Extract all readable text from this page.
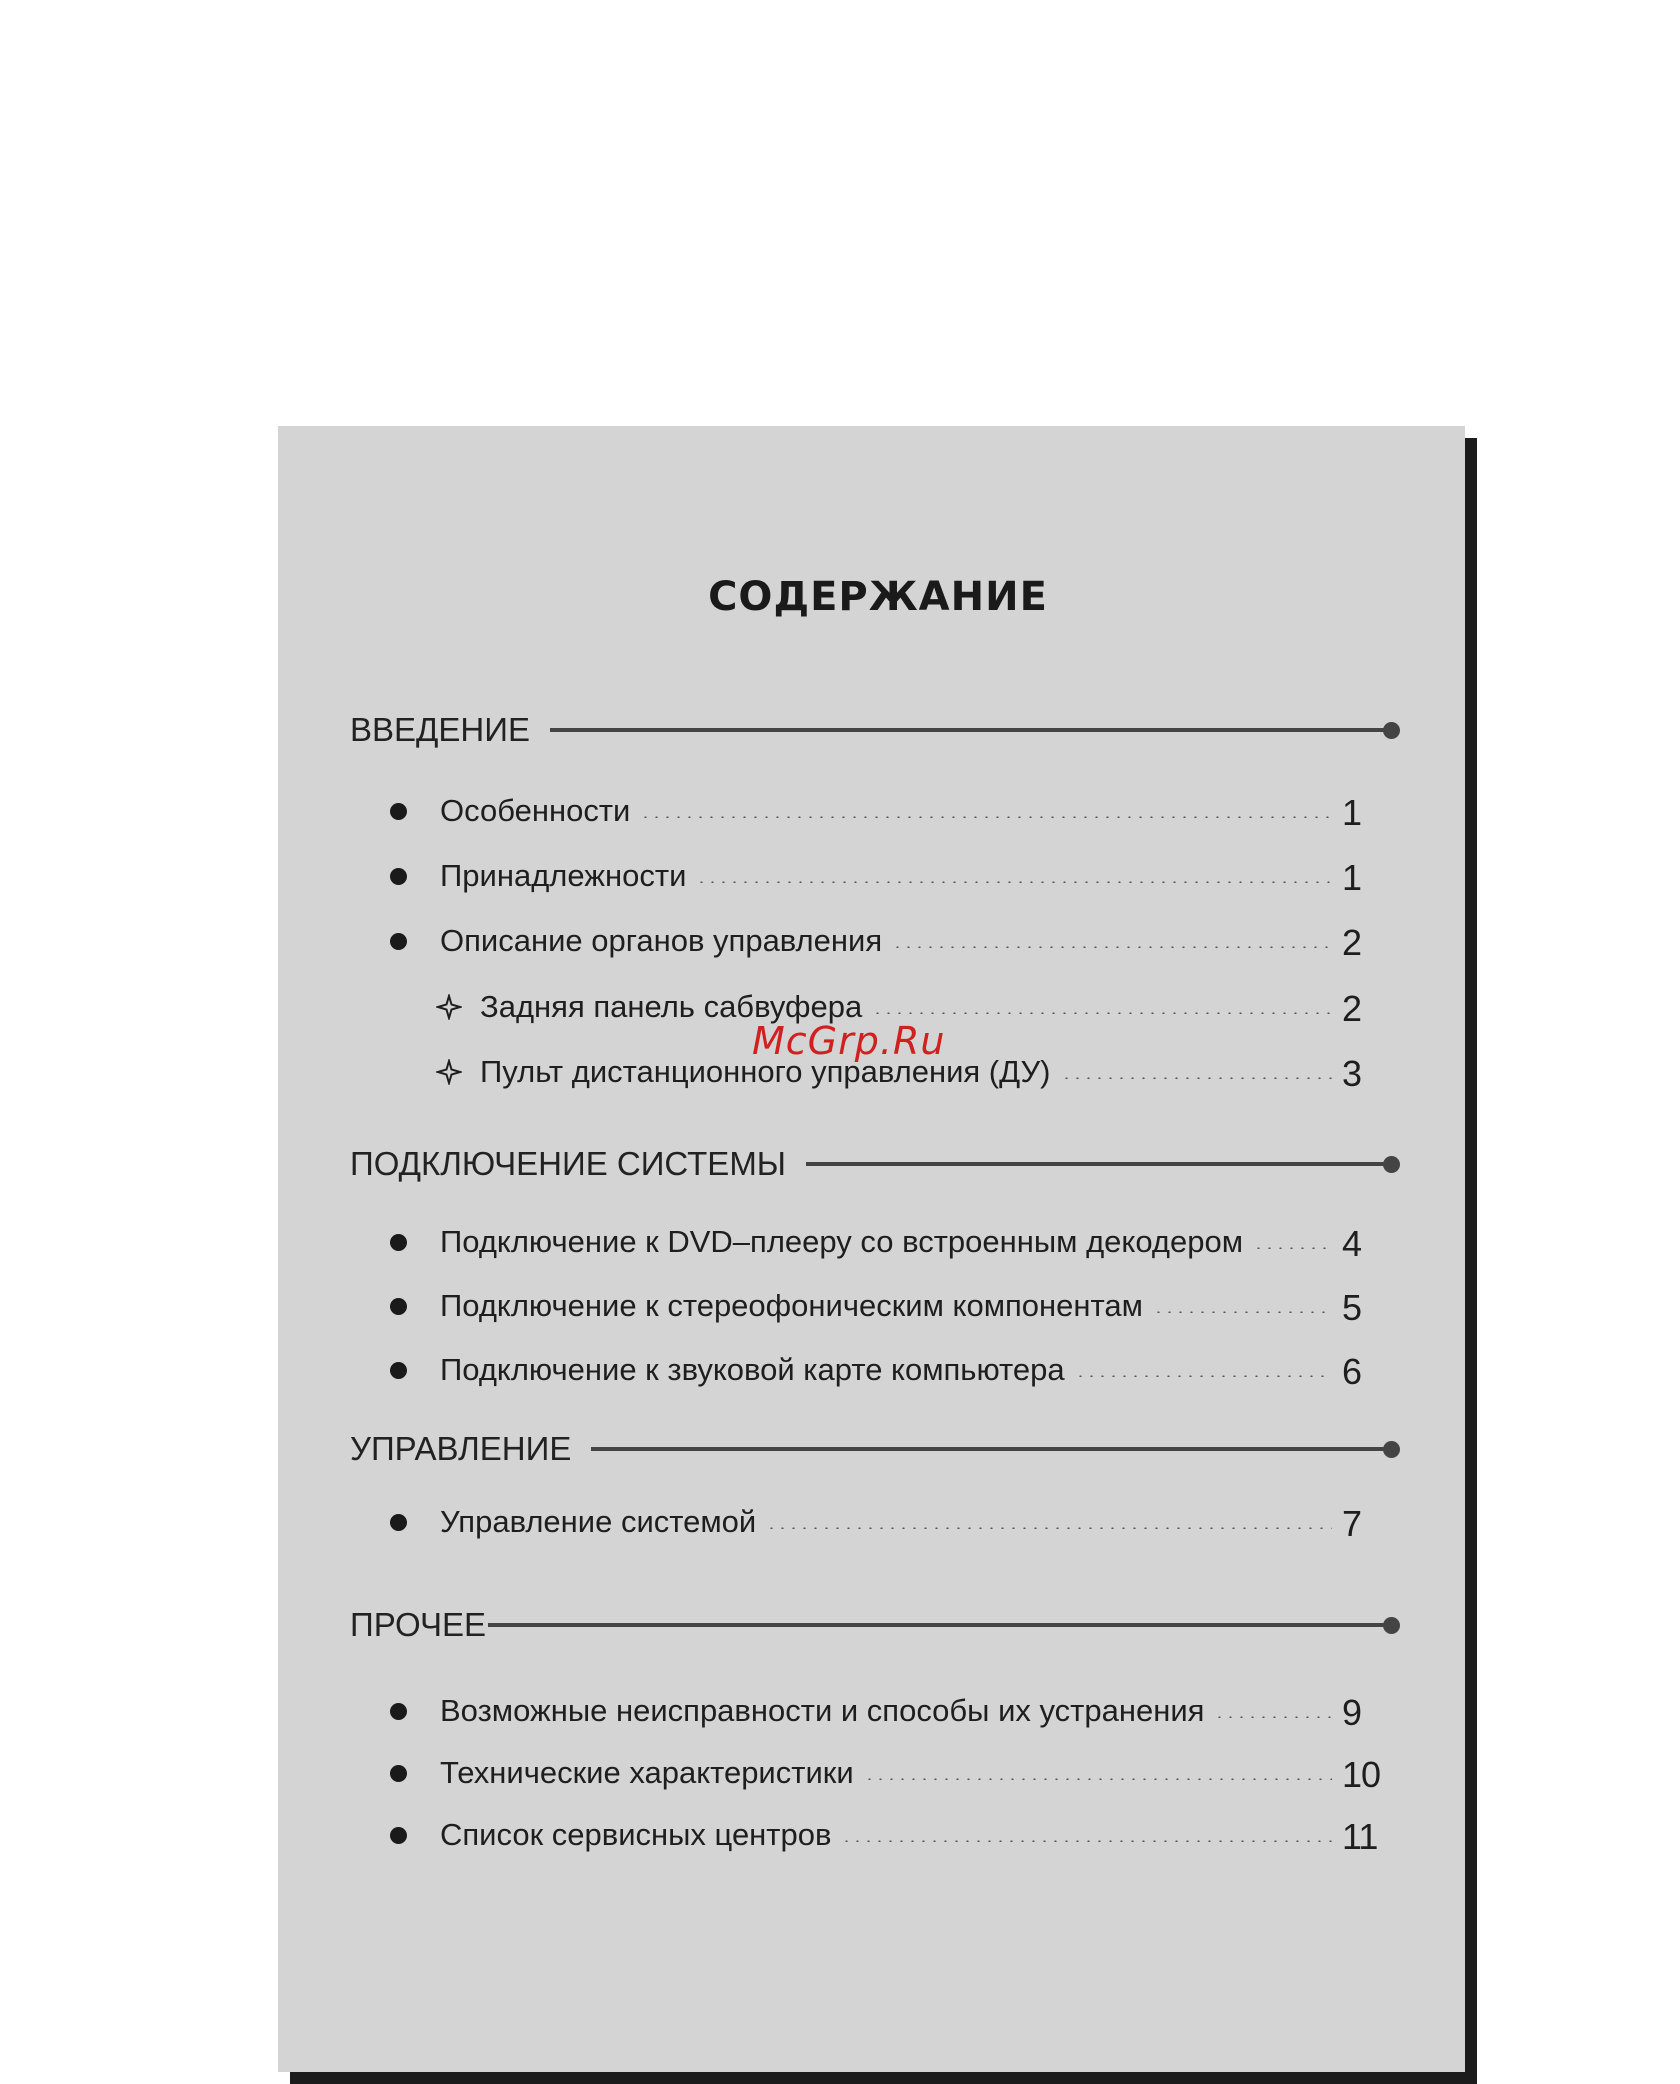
СОДЕРЖАНИЕ
ВВЕДЕНИЕ
Особенности	1
Принадлежности	1
Описание органов управления	2
Задняя панель сабвуфера	2
Пульт дистанционного управления (ДУ)	3
ПОДКЛЮЧЕНИЕ СИСТЕМЫ
Подключение к DVD–плееру со встроенным декодером	4
Подключение к стереофоническим компонентам	5
Подключение к звуковой карте компьютера	6
УПРАВЛЕНИЕ
Управление системой	7
ПРОЧЕЕ
Возможные неисправности и способы их устранения	9
Технические характеристики	10
Список сервисных центров	11
McGrp.Ru
